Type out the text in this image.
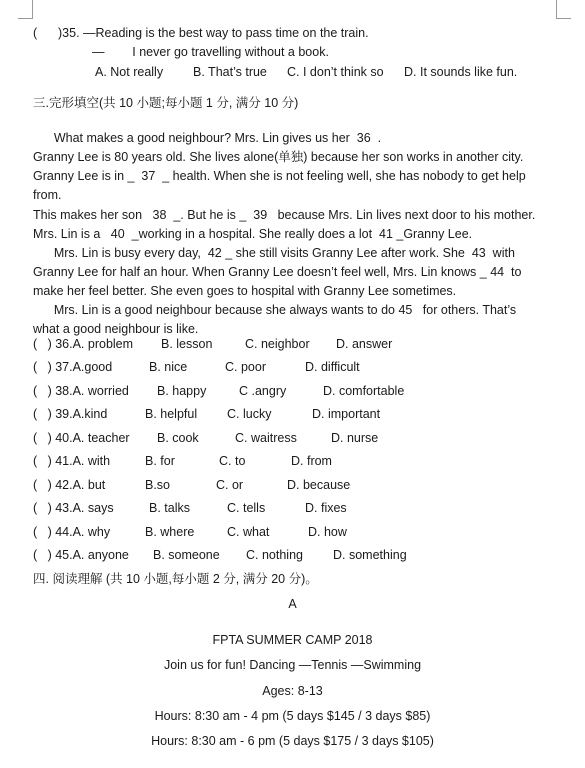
(      )35. —Reading is the best way to pass time on the train.
—        I never go travelling without a book.
A. Not really B. That’s true C. I don’t think so D. It sounds like fun.
三.完形填空(共 10 小题;每小题 1 分, 满分 10 分)
What makes a good neighbour? Mrs. Lin gives us her  36  .
Granny Lee is 80 years old. She lives alone(单独) because her son works in another city.
Granny Lee is in _  37  _ health. When she is not feeling well, she has nobody to get help
from.
This makes her son   38  _. But he is _  39   because Mrs. Lin lives next door to his mother.
Mrs. Lin is a   40  _working in a hospital. She really does a lot  41 _Granny Lee.
Mrs. Lin is busy every day,  42 _ she still visits Granny Lee after work. She  43  with
Granny Lee for half an hour. When Granny Lee doesn’t feel well, Mrs. Lin knows _ 44  to
make her feel better. She even goes to hospital with Granny Lee sometimes.
Mrs. Lin is a good neighbour because she always wants to do 45   for others. That’s
what a good neighbour is like.
(   ) 36.A. problem B. lesson	C. neighbor D. answer
(   ) 37.A.good	B. nice	C. poor	D. difficult
(   ) 38.A. worried B. happy	C .angry	D. comfortable
(   ) 39.A.kind	B. helpful C. lucky	D. important
(   ) 40.A. teacher B. cook	C. waitress	D. nurse
(   ) 41.A. with	B. for	C. to	D. from
(   ) 42.A. but	B.so	C. or	D. because
(   ) 43.A. says	B. talks	C. tells	D. fixes
(   ) 44.A. why	B. where	C. what	D. how
(   ) 45.A. anyone B. someone C. nothing D. something
四. 阅读理解 (共 10 小题,每小题 2 分, 满分 20 分)。
A
FPTA SUMMER CAMP 2018
Join us for fun! Dancing —Tennis —Swimming
Ages: 8-13
Hours: 8:30 am - 4 pm (5 days $145 / 3 days $85)
Hours: 8:30 am - 6 pm (5 days $175 / 3 days $105)
